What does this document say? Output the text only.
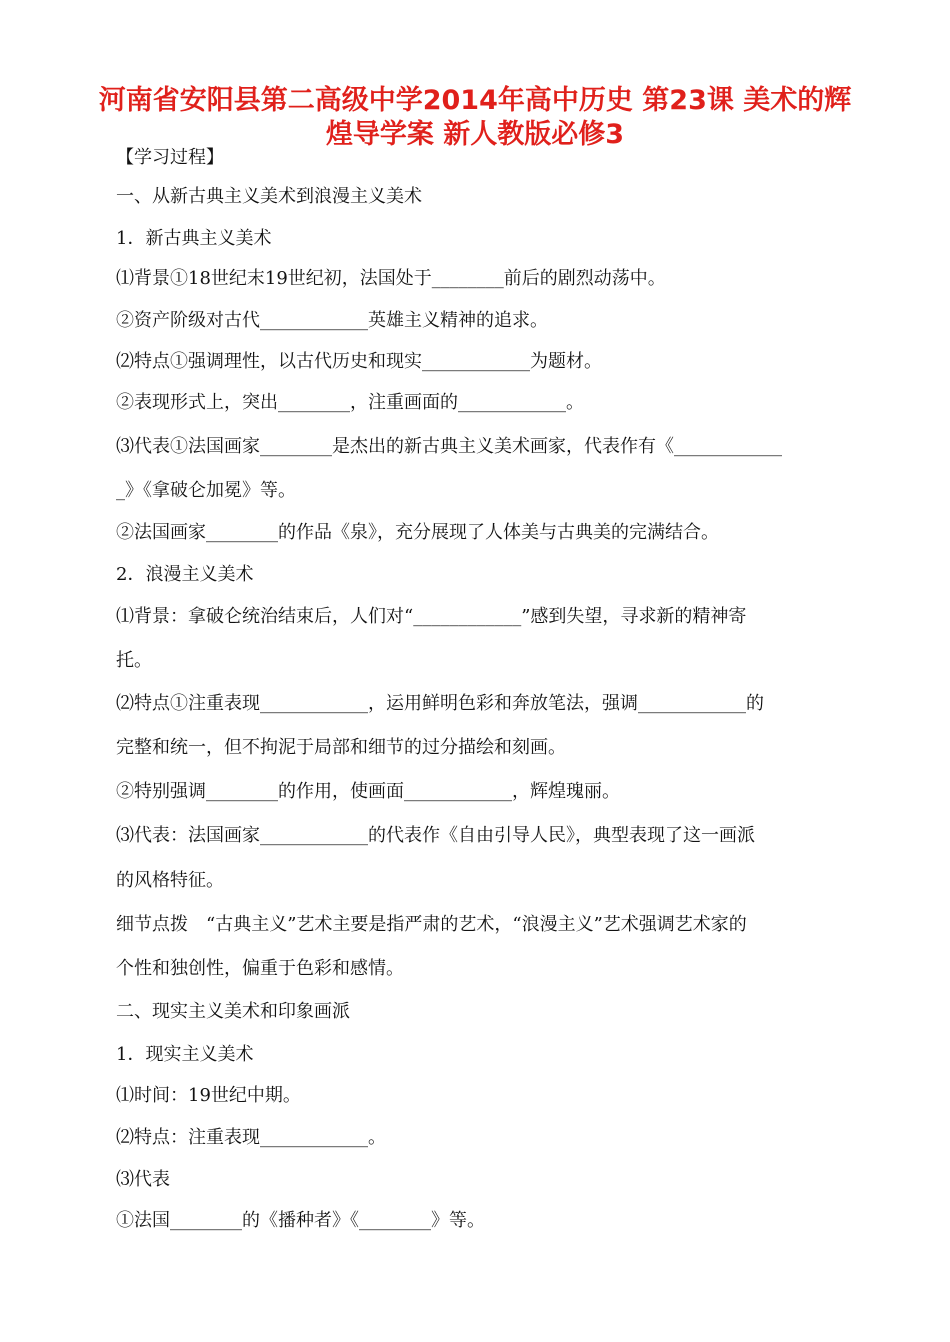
河南省安阳县第二高级中学2014年高中历史 第23课 美术的辉
煌导学案 新人教版必修3
【学习过程】
一、从新古典主义美术到浪漫主义美术
1．新古典主义美术
⑴背景①18世纪末19世纪初，法国处于________前后的剧烈动荡中。
②资产阶级对古代____________英雄主义精神的追求。
⑵特点①强调理性，以古代历史和现实____________为题材。
②表现形式上，突出________，注重画面的____________。
⑶代表①法国画家________是杰出的新古典主义美术画家，代表作有《____________
_》《拿破仑加冕》等。
②法国画家________的作品《泉》，充分展现了人体美与古典美的完满结合。
2．浪漫主义美术
⑴背景：拿破仑统治结束后，人们对“____________”感到失望，寻求新的精神寄
托。
⑵特点①注重表现____________，运用鲜明色彩和奔放笔法，强调____________的
完整和统一，但不拘泥于局部和细节的过分描绘和刻画。
②特别强调________的作用，使画面____________，辉煌瑰丽。
⑶代表：法国画家____________的代表作《自由引导人民》，典型表现了这一画派
的风格特征。
细节点拨　“古典主义”艺术主要是指严肃的艺术，“浪漫主义”艺术强调艺术家的
个性和独创性，偏重于色彩和感情。
二、现实主义美术和印象画派
1．现实主义美术
⑴时间：19世纪中期。
⑵特点：注重表现____________。
⑶代表
①法国________的《播种者》《________》等。
